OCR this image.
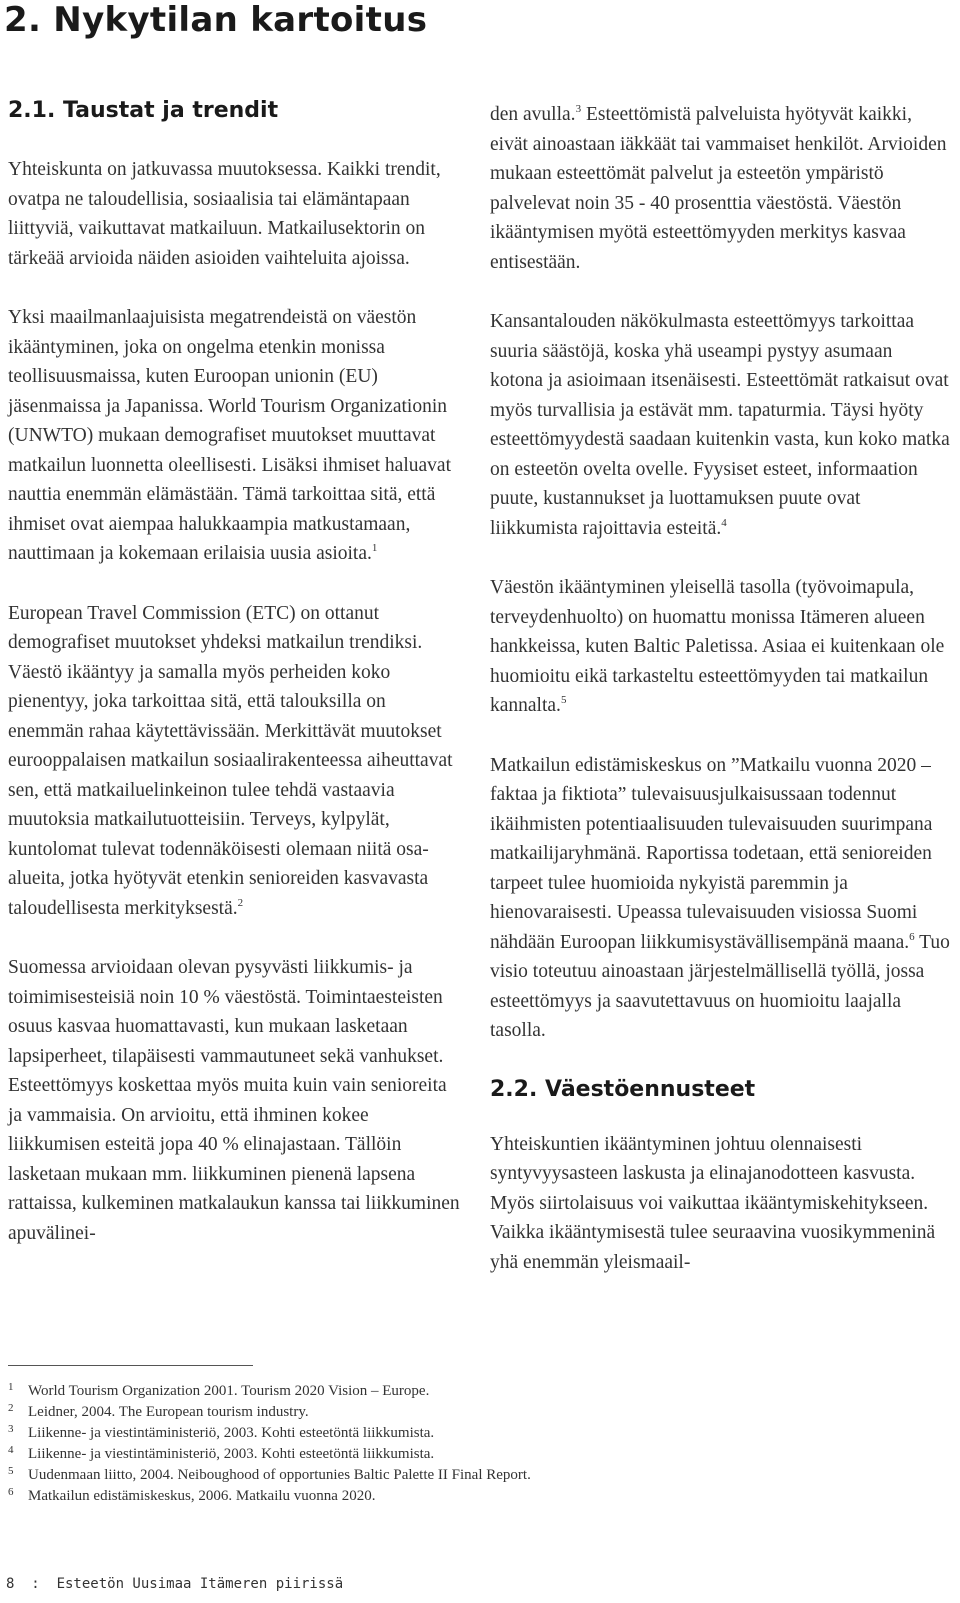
2. Nykytilan kartoitus
2.1. Taustat ja trendit

Yhteiskunta on jatkuvassa muutoksessa. Kaikki trendit, ovatpa ne taloudellisia, sosiaalisia tai elämäntapaan liittyviä, vaikuttavat matkailuun. Matkailusektorin on tärkeää arvioida näiden asioiden vaihteluita ajoissa.

Yksi maailmanlaajuisista megatrendeistä on väestön ikääntyminen, joka on ongelma etenkin monissa teollisuusmaissa, kuten Euroopan unionin (EU) jäsenmaissa ja Japanissa. World Tourism Organizationin (UNWTO) mukaan demografiset muutokset muuttavat matkailun luonnetta oleellisesti. Lisäksi ihmiset haluavat nauttia enemmän elämästään. Tämä tarkoittaa sitä, että ihmiset ovat aiempaa halukkaampia matkustamaan, nauttimaan ja kokemaan erilaisia uusia asioita.$^1$

European Travel Commission (ETC) on ottanut demografiset muutokset yhdeksi matkailun trendiksi. Väestö ikääntyy ja samalla myös perheiden koko pienentyy, joka tarkoittaa sitä, että talouksilla on enemmän rahaa käytettävissään. Merkittävät muutokset eurooppalaisen matkailun sosiaalirakenteessa aiheuttavat sen, että matkailuelinkeinon tulee tehdä vastaavia muutoksia matkailutuotteisiin. Terveys, kylpylät, kuntolomat tulevat todennäköisesti olemaan niitä osa-alueita, jotka hyötyvät etenkin senioreiden kasvavasta taloudellisesta merkityksestä.$^2$

Suomessa arvioidaan olevan pysyvästi liikkumis- ja toimimisesteisiä noin 10 % väestöstä. Toimintaesteisten osuus kasvaa huomattavasti, kun mukaan lasketaan lapsiperheet, tilapäisesti vammautuneet sekä vanhukset. Esteettömyys koskettaa myös muita kuin vain senioreita ja vammaisia. On arvioitu, että ihminen kokee liikkumisen esteitä jopa 40 % elinajastaan. Tällöin lasketaan mukaan mm. liikkuminen pienenä lapsena rattaissa, kulkeminen matkalaukun kanssa tai liikkuminen apuvälinei-

den avulla.$^3$ Esteettömistä palveluista hyötyvät kaikki, eivät ainoastaan iäkkäät tai vammaiset henkilöt. Arvioiden mukaan esteettömät palvelut ja esteetön ympäristö palvelevat noin 35 - 40 prosenttia väestöstä. Väestön ikääntymisen myötä esteettömyyden merkitys kasvaa entisestään.

Kansantalouden näkökulmasta esteettömyys tarkoittaa suuria säästöjä, koska yhä useampi pystyy asumaan kotona ja asioimaan itsenäisesti. Esteettömät ratkaisut ovat myös turvallisia ja estävät mm. tapaturmia. Täysi hyöty esteettömyydestä saadaan kuitenkin vasta, kun koko matka on esteetön ovelta ovelle. Fyysiset esteet, informaation puute, kustannukset ja luottamuksen puute ovat liikkumista rajoittavia esteitä.$^4$

Väestön ikääntyminen yleisellä tasolla (työvoimapula, terveydenhuolto) on huomattu monissa Itämeren alueen hankkeissa, kuten Baltic Paletissa. Asiaa ei kuitenkaan ole huomioitu eikä tarkasteltu esteettömyyden tai matkailun kannalta.$^5$

Matkailun edistämiskeskus on ”Matkailu vuonna 2020 – faktaa ja fiktiota” tulevaisuusjulkaisussaan todennut ikäihmisten potentiaalisuuden tulevaisuuden suurimpana matkailijaryhmänä. Raportissa todetaan, että senioreiden tarpeet tulee huomioida nykyistä paremmin ja hienovaraisesti. Upeassa tulevaisuuden visiossa Suomi nähdään Euroopan liikkumisystävällisempänä maana.$^6$ Tuo visio toteutuu ainoastaan järjestelmällisellä työllä, jossa esteettömyys ja saavutettavuus on huomioitu laajalla tasolla.

2.2. Väestöennusteet

Yhteiskuntien ikääntyminen johtuu olennaisesti syntyvyysasteen laskusta ja elinajanodotteen kasvusta. Myös siirtolaisuus voi vaikuttaa ikääntymiskehitykseen. Vaikka ikääntymisestä tulee seuraavina vuosikymmeninä yhä enemmän yleismaail-

1 World Tourism Organization 2001. Tourism 2020 Vision – Europe.
2 Leidner, 2004. The European tourism industry.
3 Liikenne- ja viestintäministeriö, 2003. Kohti esteetöntä liikkumista.
4 Liikenne- ja viestintäministeriö, 2003. Kohti esteetöntä liikkumista.
5 Uudenmaan liitto, 2004. Neiboughood of opportunies Baltic Palette II Final Report.
6 Matkailun edistämiskeskus, 2006. Matkailu vuonna 2020.
8  :  Esteetön Uusimaa Itämeren piirissä
